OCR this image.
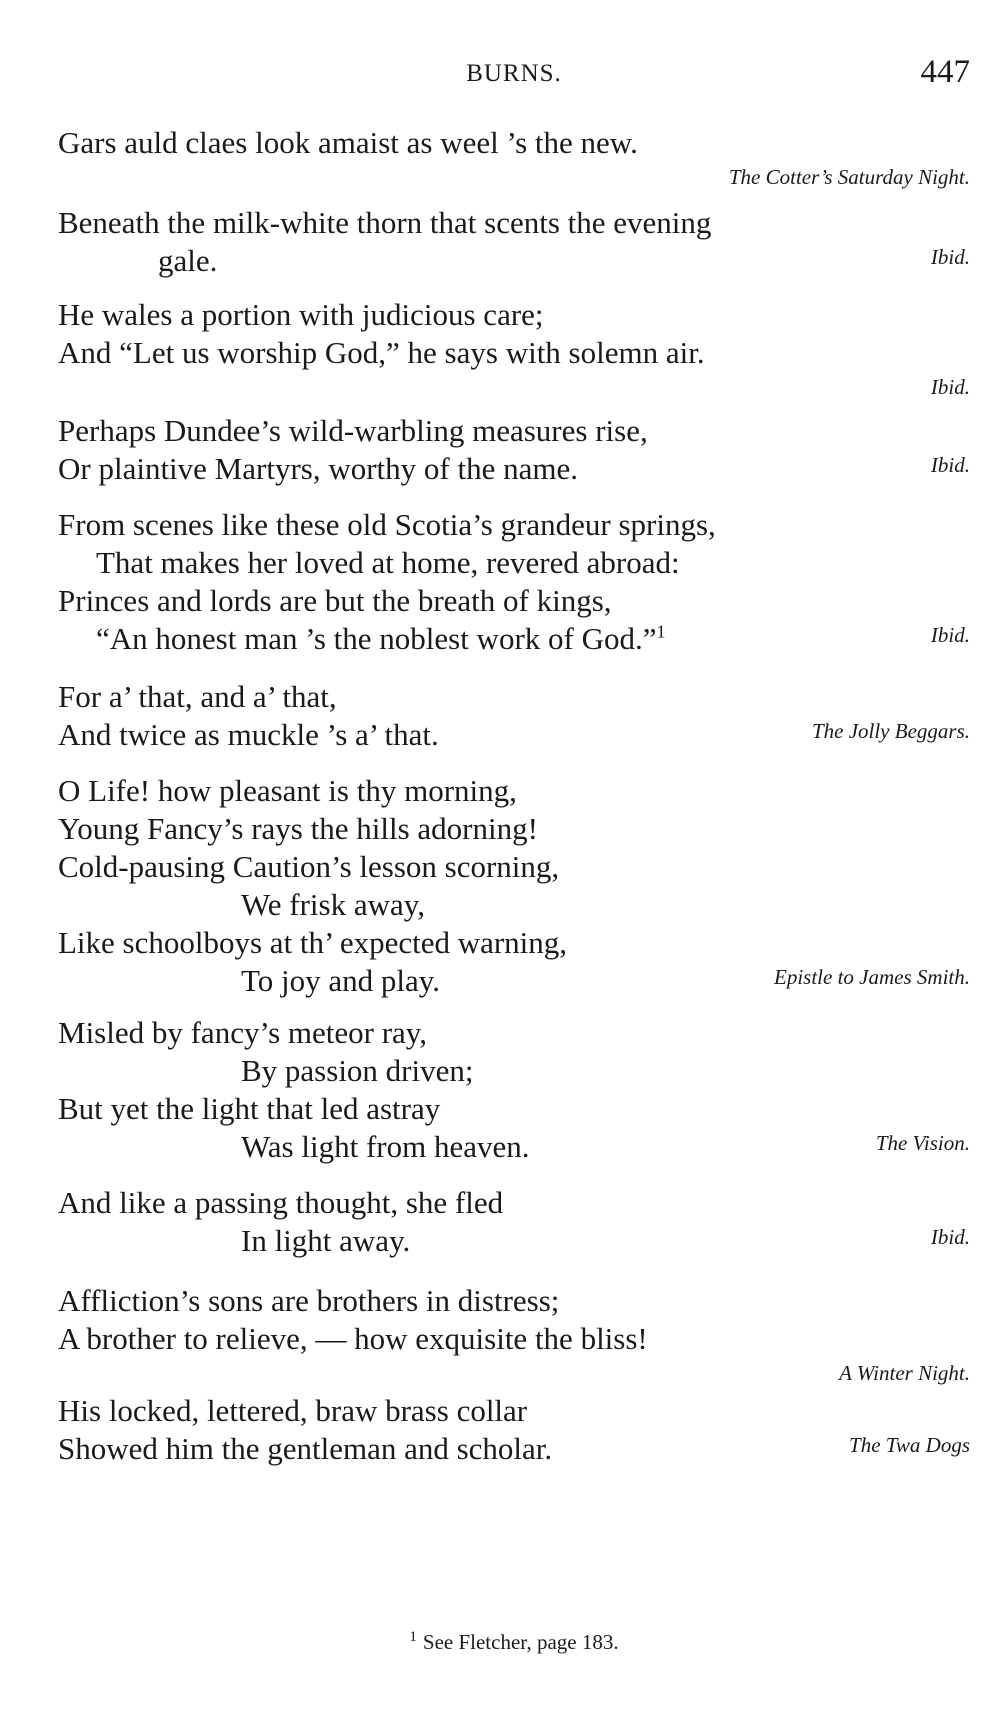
BURNS.	447
Gars auld claes look amaist as weel ’s the new.
The Cotter’s Saturday Night.
Beneath the milk-white thorn that scents the evening
gale.	Ibid.
He wales a portion with judicious care;
And “Let us worship God,” he says with solemn air.
Ibid.
Perhaps Dundee’s wild-warbling measures rise,
Or plaintive Martyrs, worthy of the name.	Ibid.
From scenes like these old Scotia’s grandeur springs,
That makes her loved at home, revered abroad:
Princes and lords are but the breath of kings,
“An honest man ’s the noblest work of God.”$^1$	Ibid.
For a’ that, and a’ that,
And twice as muckle ’s a’ that.	The Jolly Beggars.
O Life! how pleasant is thy morning,
Young Fancy’s rays the hills adorning!
Cold-pausing Caution’s lesson scorning,
We frisk away,
Like schoolboys at th’ expected warning,
To joy and play.	Epistle to James Smith.
Misled by fancy’s meteor ray,
By passion driven;
But yet the light that led astray
Was light from heaven.	The Vision.
And like a passing thought, she fled
In light away.	Ibid.
Affliction’s sons are brothers in distress;
A brother to relieve, — how exquisite the bliss!
A Winter Night.
His locked, lettered, braw brass collar
Showed him the gentleman and scholar.	The Twa Dogs
$^1$ See Fletcher, page 183.
